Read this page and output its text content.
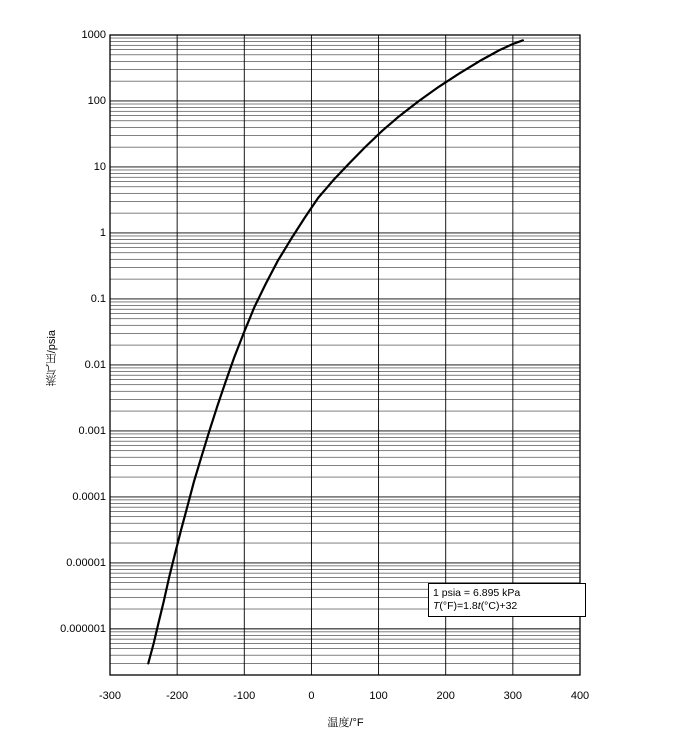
1000
100
10
1
0.1
0.01
0.001
0.0001
0.00001
0.000001
-300	-200	-100	0	100	200	300	400
蒸气压/psia
温度/°F
1 psia = 6.895 kPa
T(°F)=1.8t(°C)+32
